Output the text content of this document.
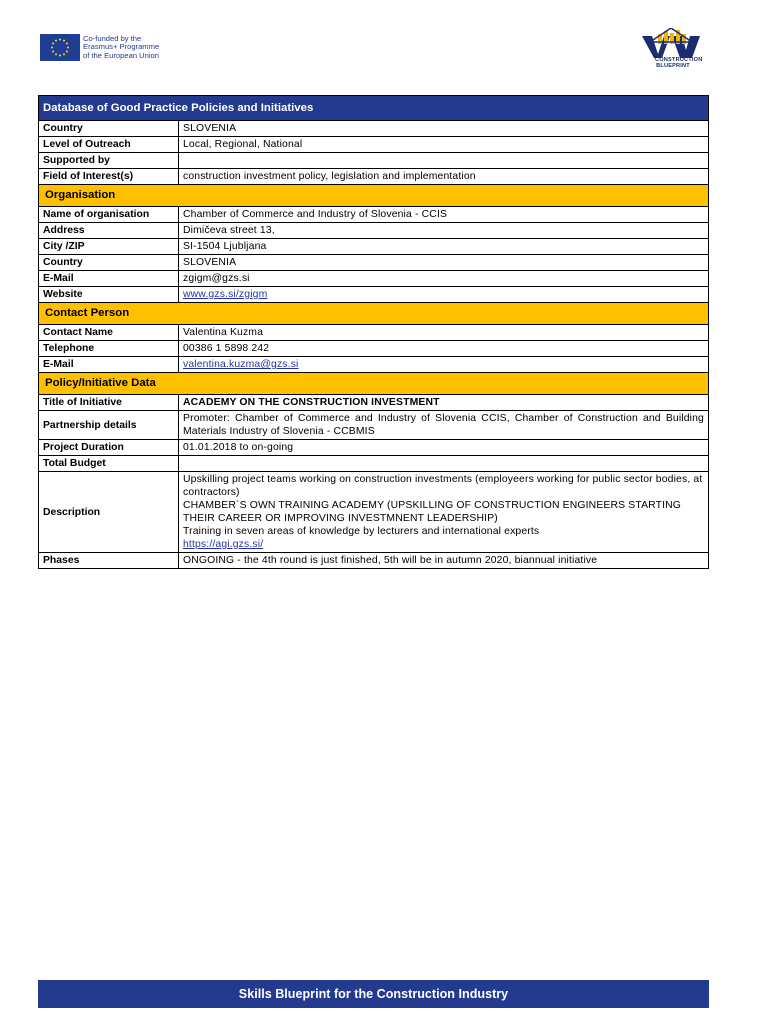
Co-funded by the
Erasmus+ Programme
of the European Union
CONSTRUCTION
BLUEPRINT
Database of Good Practice Policies and Initiatives	
Country	SLOVENIA
Level of Outreach	Local, Regional, National
Supported by	
Field of Interest(s)	construction investment policy, legislation and implementation
Organisation	
Name of organisation	Chamber of Commerce and Industry of Slovenia - CCIS
Address	Dimičeva street 13,
City /ZIP	SI-1504 Ljubljana
Country	SLOVENIA
E-Mail	zgigm@gzs.si
Website	www.gzs.si/zgigm
Contact Person	
Contact Name	Valentina Kuzma
Telephone	00386 1 5898 242
E-Mail	valentina.kuzma@gzs.si
Policy/Initiative Data	
Title of Initiative	ACADEMY ON THE CONSTRUCTION INVESTMENT
Partnership details	Promoter: Chamber of Commerce and Industry of Slovenia CCIS, Chamber of Construction and Building Materials Industry of Slovenia - CCBMIS
Project Duration	01.01.2018 to on-going
Total Budget	
Description	Upskilling project teams working on construction investments (employeers working for public sector bodies, at contractors)
CHAMBER`S OWN TRAINING ACADEMY (UPSKILLING OF CONSTRUCTION ENGINEERS STARTING THEIR CAREER OR IMPROVING INVESTMNENT LEADERSHIP)
Training in seven areas of knowledge by lecturers and international experts
https://agi.gzs.si/

Phases	ONGOING - the 4th round is just finished, 5th will be in autumn 2020, biannual initiative
Skills Blueprint for the Construction Industry
